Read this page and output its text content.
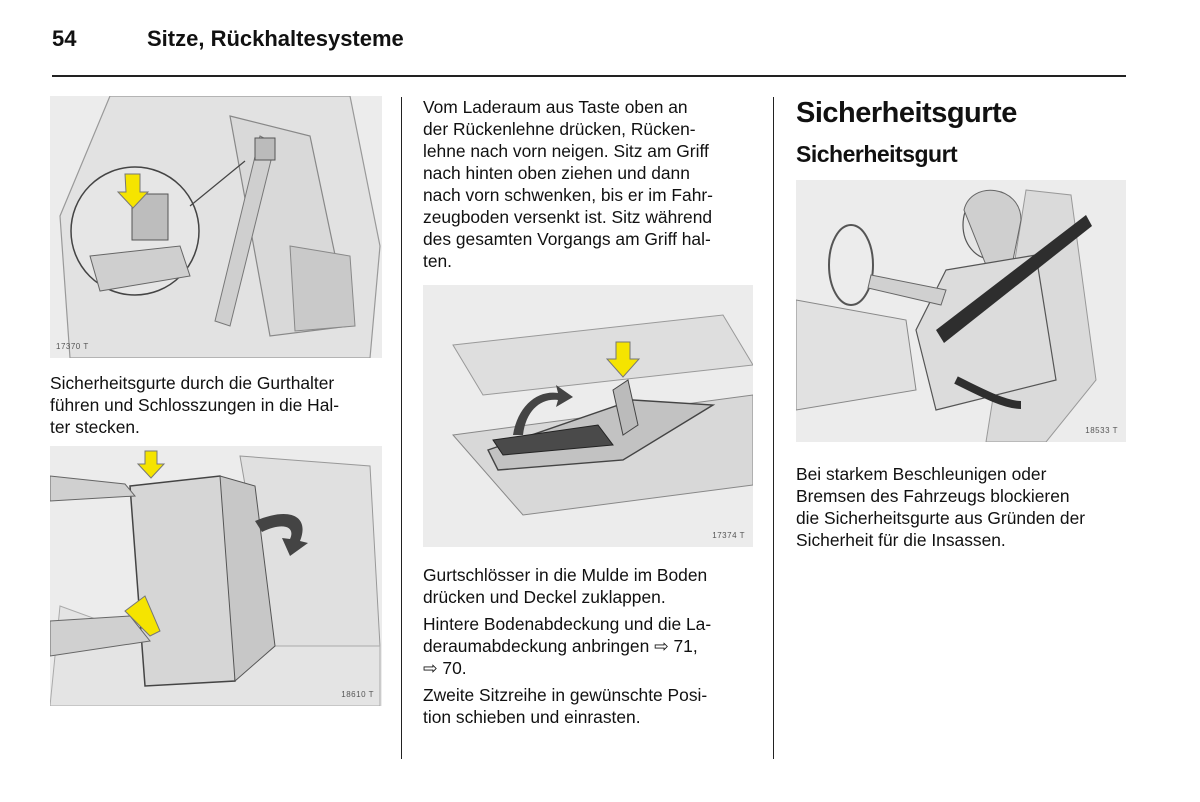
54	Sitze, Rückhaltesysteme
17370 T

Sicherheitsgurte durch die Gurthalter

führen und Schlosszungen in die Hal-

ter stecken.

18610 T

Vom Laderaum aus Taste oben an

der Rückenlehne drücken, Rücken-

lehne nach vorn neigen. Sitz am Griff

nach hinten oben ziehen und dann

nach vorn schwenken, bis er im Fahr-

zeugboden versenkt ist. Sitz während

des gesamten Vorgangs am Griff hal-

ten.

17374 T

Gurtschlösser in die Mulde im Boden

drücken und Deckel zuklappen.

Hintere Bodenabdeckung und die La-

deraumabdeckung anbringen ⇨ 71,

⇨ 70.

Zweite Sitzreihe in gewünschte Posi-

tion schieben und einrasten.

Sicherheitsgurte
Sicherheitsgurt
18533 T

Bei starkem Beschleunigen oder

Bremsen des Fahrzeugs blockieren

die Sicherheitsgurte aus Gründen der

Sicherheit für die Insassen.
